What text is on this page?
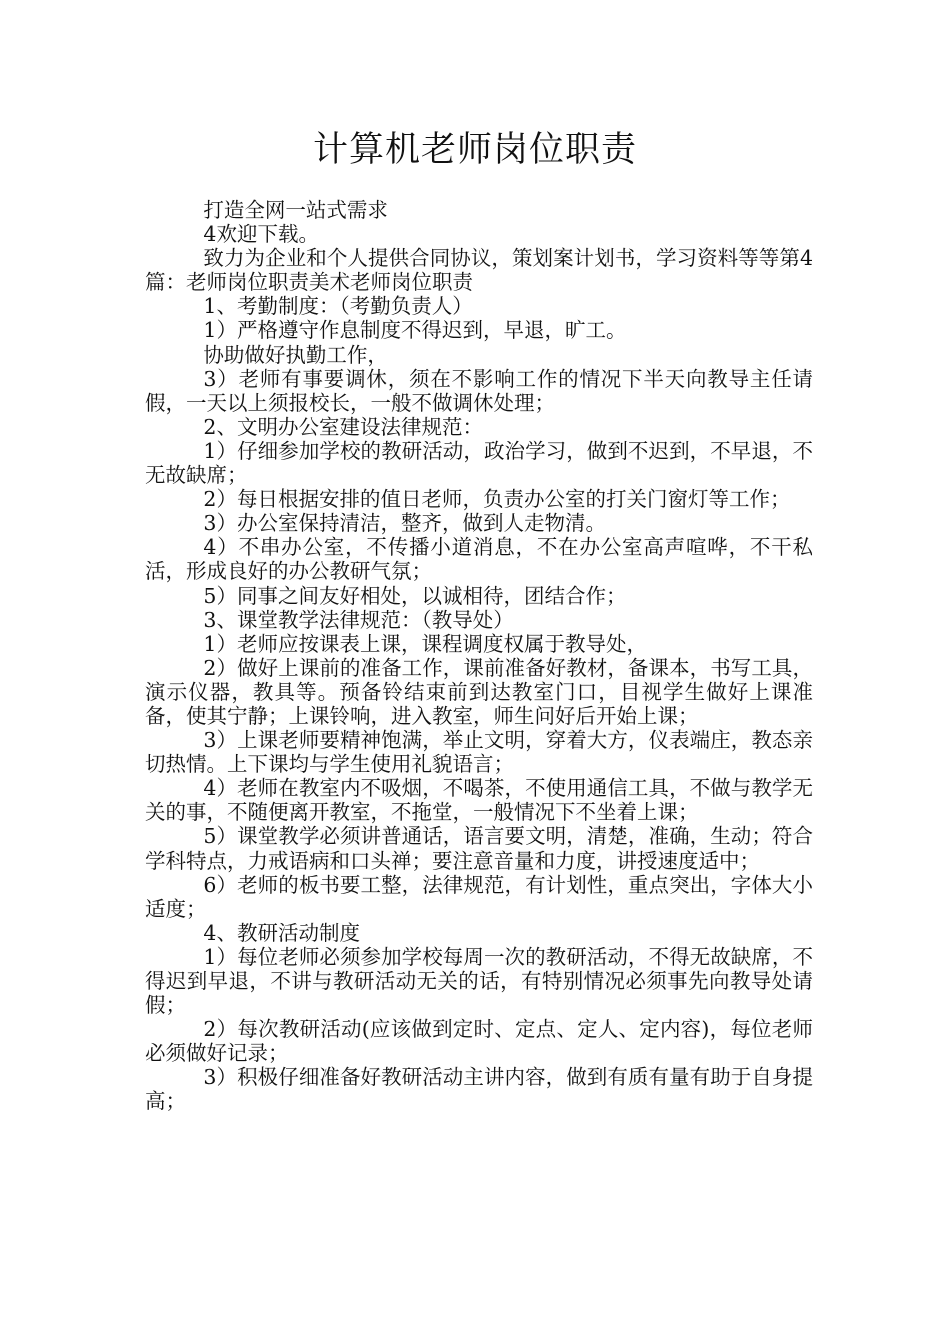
计算机老师岗位职责

打造全网一站式需求

4欢迎下载。

致力为企业和个人提供合同协议，策划案计划书，学习资料等等第4篇：老师岗位职责美术老师岗位职责

1、考勤制度：（考勤负责人）

1）严格遵守作息制度不得迟到，早退，旷工。

协助做好执勤工作，

3）老师有事要调休，须在不影响工作的情况下半天向教导主任请假，一天以上须报校长，一般不做调休处理；

2、文明办公室建设法律规范：

1）仔细参加学校的教研活动，政治学习，做到不迟到，不早退，不无故缺席；

2）每日根据安排的值日老师，负责办公室的打关门窗灯等工作；

3）办公室保持清洁，整齐，做到人走物清。

4）不串办公室，不传播小道消息，不在办公室高声喧哗，不干私活，形成良好的办公教研气氛；

5）同事之间友好相处，以诚相待，团结合作；

3、课堂教学法律规范：（教导处）

1）老师应按课表上课，课程调度权属于教导处，

2）做好上课前的准备工作，课前准备好教材，备课本，书写工具，演示仪器，教具等。预备铃结束前到达教室门口，目视学生做好上课准备，使其宁静；上课铃响，进入教室，师生问好后开始上课；

3）上课老师要精神饱满，举止文明，穿着大方，仪表端庄，教态亲切热情。上下课均与学生使用礼貌语言；

4）老师在教室内不吸烟，不喝茶，不使用通信工具，不做与教学无关的事，不随便离开教室，不拖堂，一般情况下不坐着上课；

5）课堂教学必须讲普通话，语言要文明，清楚，准确，生动；符合学科特点，力戒语病和口头禅；要注意音量和力度，讲授速度适中；

6）老师的板书要工整，法律规范，有计划性，重点突出，字体大小适度；

4、教研活动制度

1）每位老师必须参加学校每周一次的教研活动，不得无故缺席，不得迟到早退，不讲与教研活动无关的话，有特别情况必须事先向教导处请假；

2）每次教研活动(应该做到定时、定点、定人、定内容)，每位老师必须做好记录；

3）积极仔细准备好教研活动主讲内容，做到有质有量有助于自身提高；
